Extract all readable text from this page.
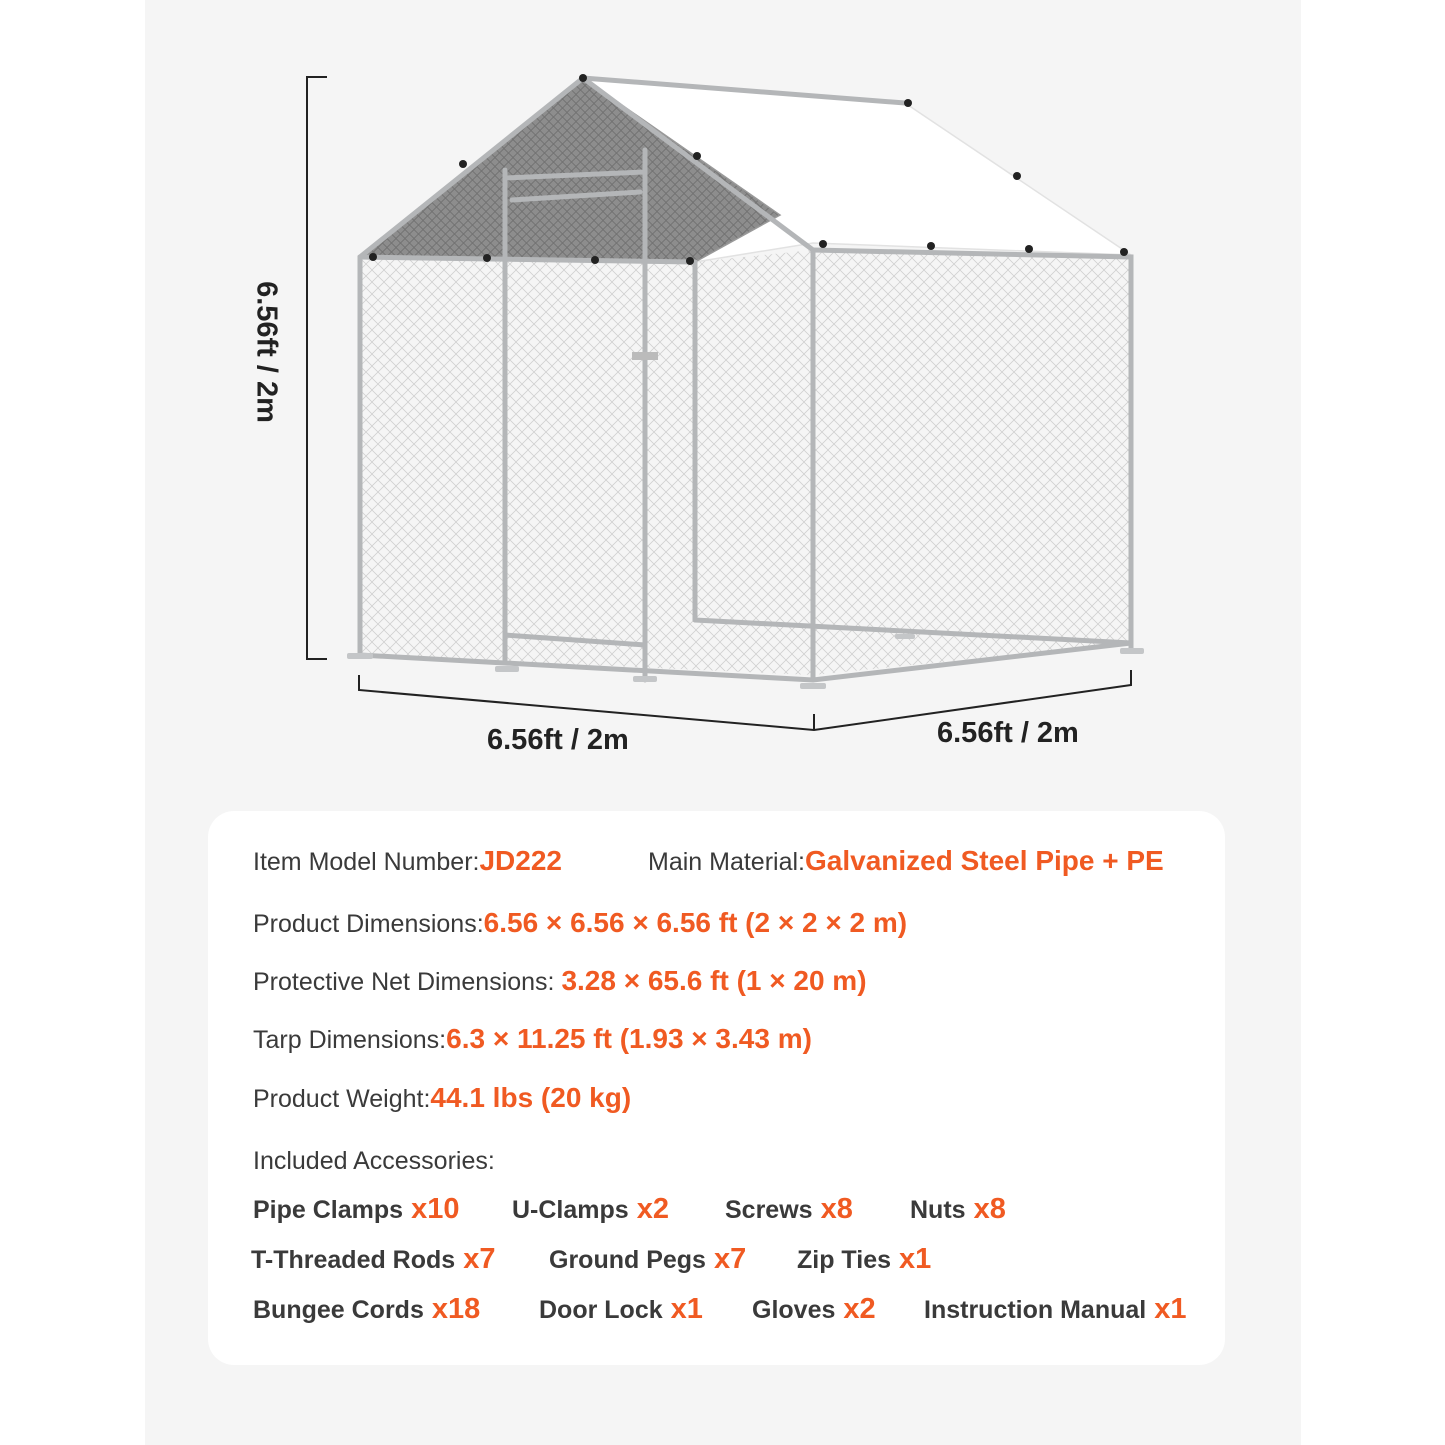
6.56ft / 2m
6.56ft / 2m	6.56ft / 2m
Item Model Number:JD222	Main Material:Galvanized Steel Pipe + PE
Product Dimensions:6.56 × 6.56 × 6.56 ft (2 × 2 × 2 m)
Protective Net Dimensions: 3.28 × 65.6 ft (1 × 20 m)
Tarp Dimensions:6.3 × 11.25 ft (1.93 × 3.43 m)
Product Weight:44.1 lbs (20 kg)
Included Accessories:
Pipe Clamps x10 U-Clamps x2 Screws x8 Nuts x8
T-Threaded Rods x7 Ground Pegs x7 Zip Ties x1
Bungee Cords x18 Door Lock x1 Gloves x2 Instruction Manual x1
